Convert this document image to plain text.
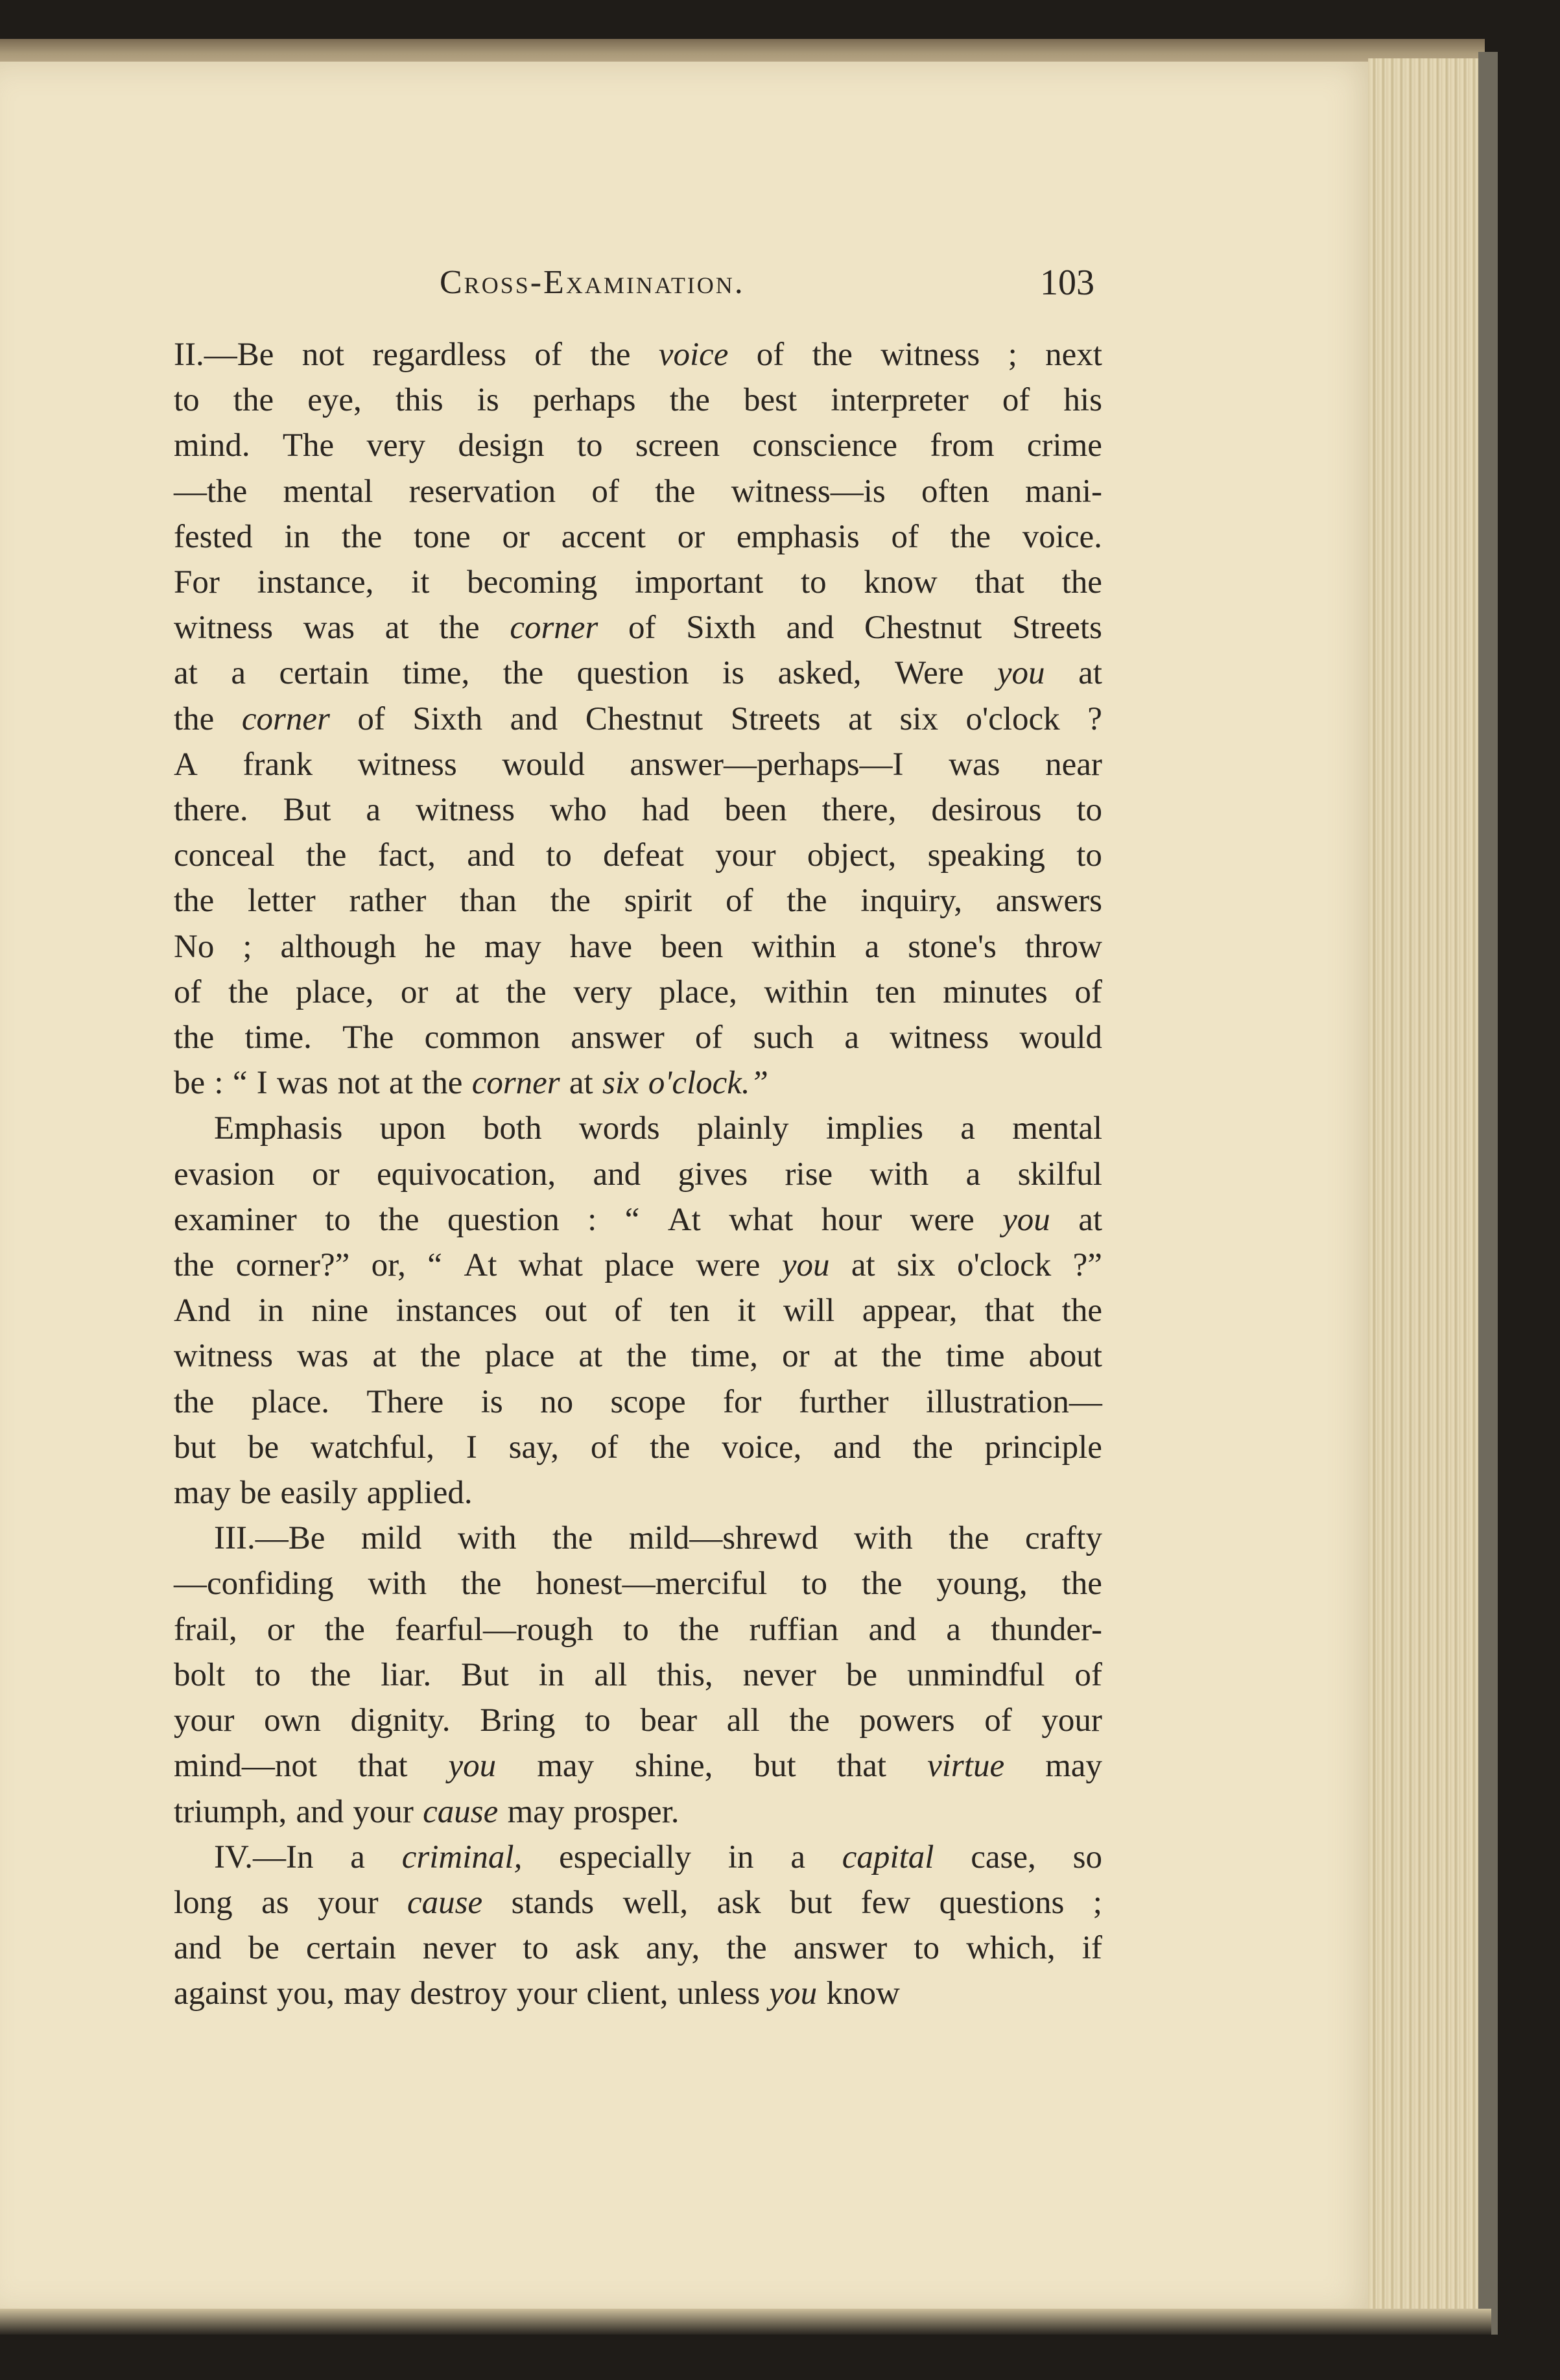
Cross-Examination.	103
II.—Be not regardless of the voice of the witness ; next
to the eye, this is perhaps the best interpreter of his
mind. The very design to screen conscience from crime
—the mental reservation of the witness—is often mani-
fested in the tone or accent or emphasis of the voice.
For instance, it becoming important to know that the
witness was at the corner of Sixth and Chestnut Streets
at a certain time, the question is asked, Were you at
the corner of Sixth and Chestnut Streets at six o'clock ?
A frank witness would answer—perhaps—I was near
there. But a witness who had been there, desirous to
conceal the fact, and to defeat your object, speaking to
the letter rather than the spirit of the inquiry, answers
No ; although he may have been within a stone's throw
of the place, or at the very place, within ten minutes of
the time. The common answer of such a witness would
be : “ I was not at the corner at six o'clock.”
Emphasis upon both words plainly implies a mental
evasion or equivocation, and gives rise with a skilful
examiner to the question : “ At what hour were you at
the corner?” or, “ At what place were you at six o'clock ?”
And in nine instances out of ten it will appear, that the
witness was at the place at the time, or at the time about
the place. There is no scope for further illustration—
but be watchful, I say, of the voice, and the principle
may be easily applied.
III.—Be mild with the mild—shrewd with the crafty
—confiding with the honest—merciful to the young, the
frail, or the fearful—rough to the ruffian and a thunder-
bolt to the liar. But in all this, never be unmindful of
your own dignity. Bring to bear all the powers of your
mind—not that you may shine, but that virtue may
triumph, and your cause may prosper.
IV.—In a criminal, especially in a capital case, so
long as your cause stands well, ask but few questions ;
and be certain never to ask any, the answer to which, if
against you, may destroy your client, unless you know
